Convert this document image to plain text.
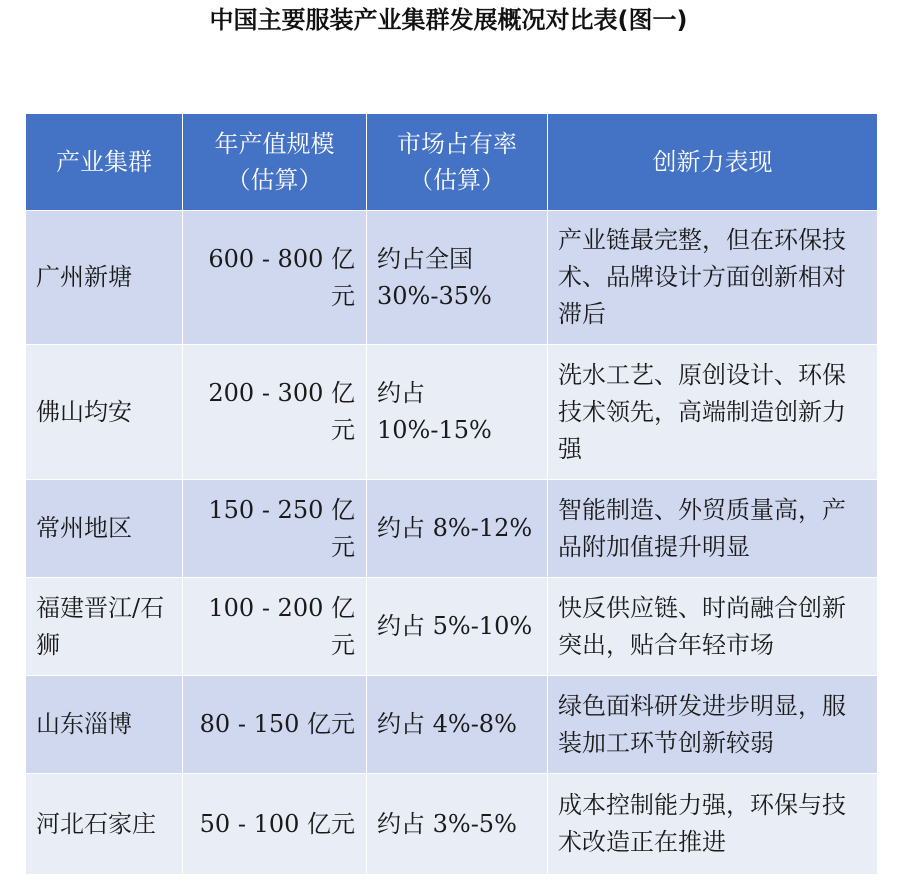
中国主要服装产业集群发展概况对比表(图一)
产业集群	年产值规模（估算）	市场占有率（估算）	创新力表现
广州新塘	600 - 800 亿元	约占全国 30%-35%	产业链最完整，但在环保技术、品牌设计方面创新相对滞后
佛山均安	200 - 300 亿元	约占 10%-15%	洗水工艺、原创设计、环保技术领先，高端制造创新力强
常州地区	150 - 250 亿元	约占 8%-12%	智能制造、外贸质量高，产品附加值提升明显
福建晋江/石狮	100 - 200 亿元	约占 5%-10%	快反供应链、时尚融合创新突出，贴合年轻市场
山东淄博	80 - 150 亿元	约占 4%-8%	绿色面料研发进步明显，服装加工环节创新较弱
河北石家庄	50 - 100 亿元	约占 3%-5%	成本控制能力强，环保与技术改造正在推进
